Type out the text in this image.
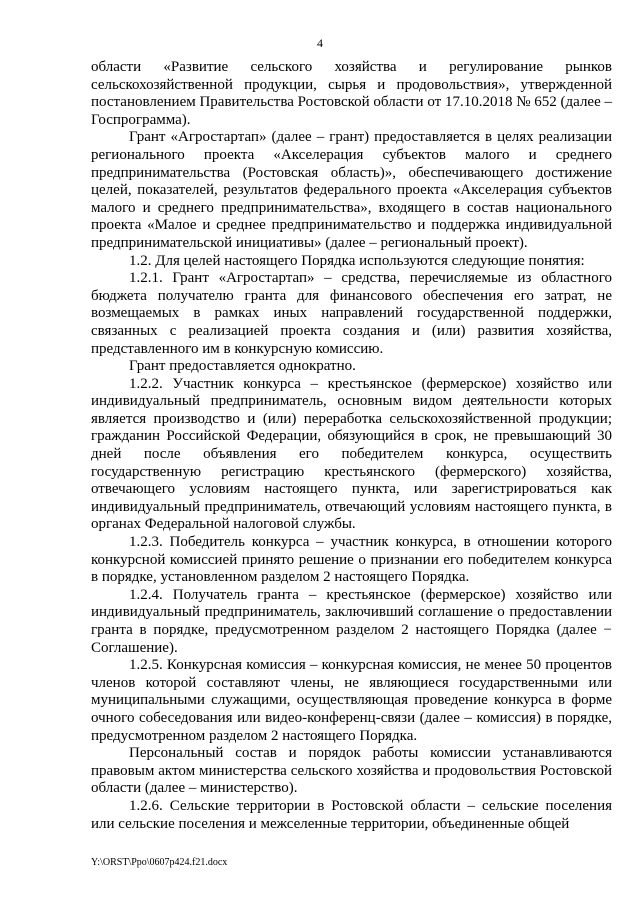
4

области «Развитие сельского хозяйства и регулирование рынков сельскохозяйственной продукции, сырья и продовольствия», утвержденной постановлением Правительства Ростовской области от 17.10.2018 № 652 (далее – Госпрограмма).

Грант «Агростартап» (далее – грант) предоставляется в целях реализации регионального проекта «Акселерация субъектов малого и среднего предпринимательства (Ростовская область)», обеспечивающего достижение целей, показателей, результатов федерального проекта «Акселерация субъектов малого и среднего предпринимательства», входящего в состав национального проекта «Малое и среднее предпринимательство и поддержка индивидуальной предпринимательской инициативы» (далее – региональный проект).

1.2. Для целей настоящего Порядка используются следующие понятия:

1.2.1. Грант «Агростартап» – средства, перечисляемые из областного бюджета получателю гранта для финансового обеспечения его затрат, не возмещаемых в рамках иных направлений государственной поддержки, связанных с реализацией проекта создания и (или) развития хозяйства, представленного им в конкурсную комиссию.

Грант предоставляется однократно.

1.2.2. Участник конкурса – крестьянское (фермерское) хозяйство или индивидуальный предприниматель, основным видом деятельности которых является производство и (или) переработка сельскохозяйственной продукции; гражданин Российской Федерации, обязующийся в срок, не превышающий 30 дней после объявления его победителем конкурса, осуществить государственную регистрацию крестьянского (фермерского) хозяйства, отвечающего условиям настоящего пункта, или зарегистрироваться как индивидуальный предприниматель, отвечающий условиям настоящего пункта, в органах Федеральной налоговой службы.

1.2.3. Победитель конкурса – участник конкурса, в отношении которого конкурсной комиссией принято решение о признании его победителем конкурса в порядке, установленном разделом 2 настоящего Порядка.

1.2.4. Получатель гранта – крестьянское (фермерское) хозяйство или индивидуальный предприниматель, заключивший соглашение о предоставлении гранта в порядке, предусмотренном разделом 2 настоящего Порядка (далее − Соглашение).

1.2.5. Конкурсная комиссия – конкурсная комиссия, не менее 50 процентов членов которой составляют члены, не являющиеся государственными или муниципальными служащими, осуществляющая проведение конкурса в форме очного собеседования или видео-конференц-связи (далее – комиссия) в порядке, предусмотренном разделом 2 настоящего Порядка.

Персональный состав и порядок работы комиссии устанавливаются правовым актом министерства сельского хозяйства и продовольствия Ростовской области (далее – министерство).

1.2.6. Сельские территории в Ростовской области – сельские поселения или сельские поселения и межселенные территории, объединенные общей

Y:\ORST\Ppo\0607p424.f21.docx
